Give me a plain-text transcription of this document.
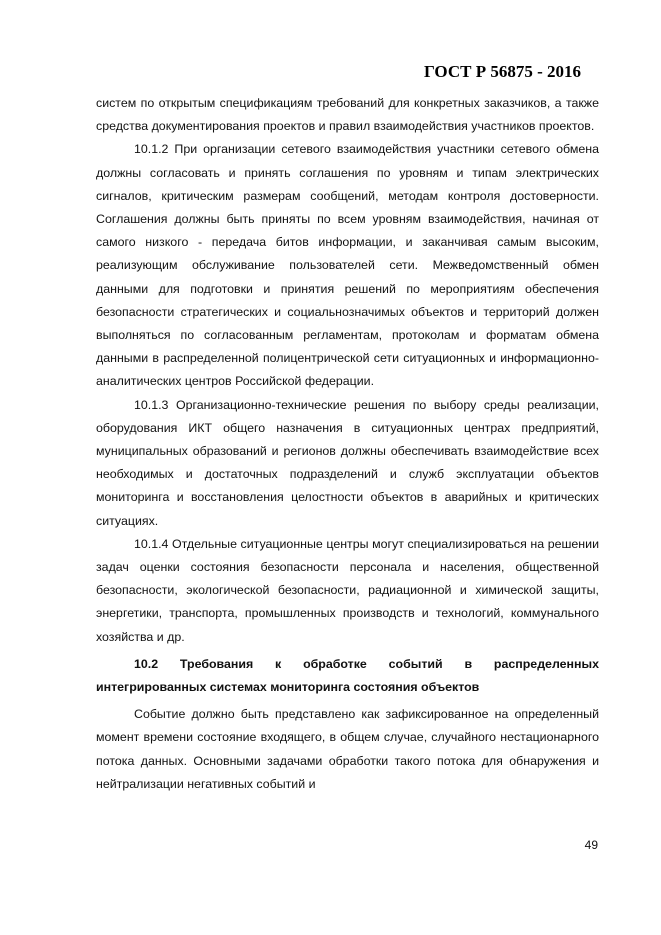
ГОСТ Р 56875 - 2016

систем по открытым спецификациям требований для конкретных заказчиков, а также средства документирования проектов и правил взаимодействия участников проектов.

10.1.2 При организации сетевого взаимодействия участники сетевого обмена должны согласовать и принять соглашения по уровням и типам электрических сигналов, критическим размерам сообщений, методам контроля достоверности. Соглашения должны быть приняты по всем уровням взаимодействия, начиная от самого низкого - передача битов информации, и заканчивая самым высоким, реализующим обслуживание пользователей сети. Межведомственный обмен данными для подготовки и принятия решений по мероприятиям обеспечения безопасности стратегических и социальнозначимых объектов и территорий должен выполняться по согласованным регламентам, протоколам и форматам обмена данными в распределенной полицентрической сети ситуационных и информационно-аналитических центров Российской федерации.

10.1.3 Организационно-технические решения по выбору среды реализации, оборудования ИКТ общего назначения в ситуационных центрах предприятий, муниципальных образований и регионов должны обеспечивать взаимодействие всех необходимых и достаточных подразделений и служб эксплуатации объектов мониторинга и восстановления целостности объектов в аварийных и критических ситуациях.

10.1.4 Отдельные ситуационные центры могут специализироваться на решении задач оценки состояния безопасности персонала и населения, общественной безопасности, экологической безопасности, радиационной и химической защиты, энергетики, транспорта, промышленных производств и технологий, коммунального хозяйства и др.

10.2 Требования к обработке событий в распределенных интегрированных системах мониторинга состояния объектов

Событие должно быть представлено как зафиксированное на определенный момент времени состояние входящего, в общем случае, случайного нестационарного потока данных. Основными задачами обработки такого потока для обнаружения и нейтрализации негативных событий и

49
